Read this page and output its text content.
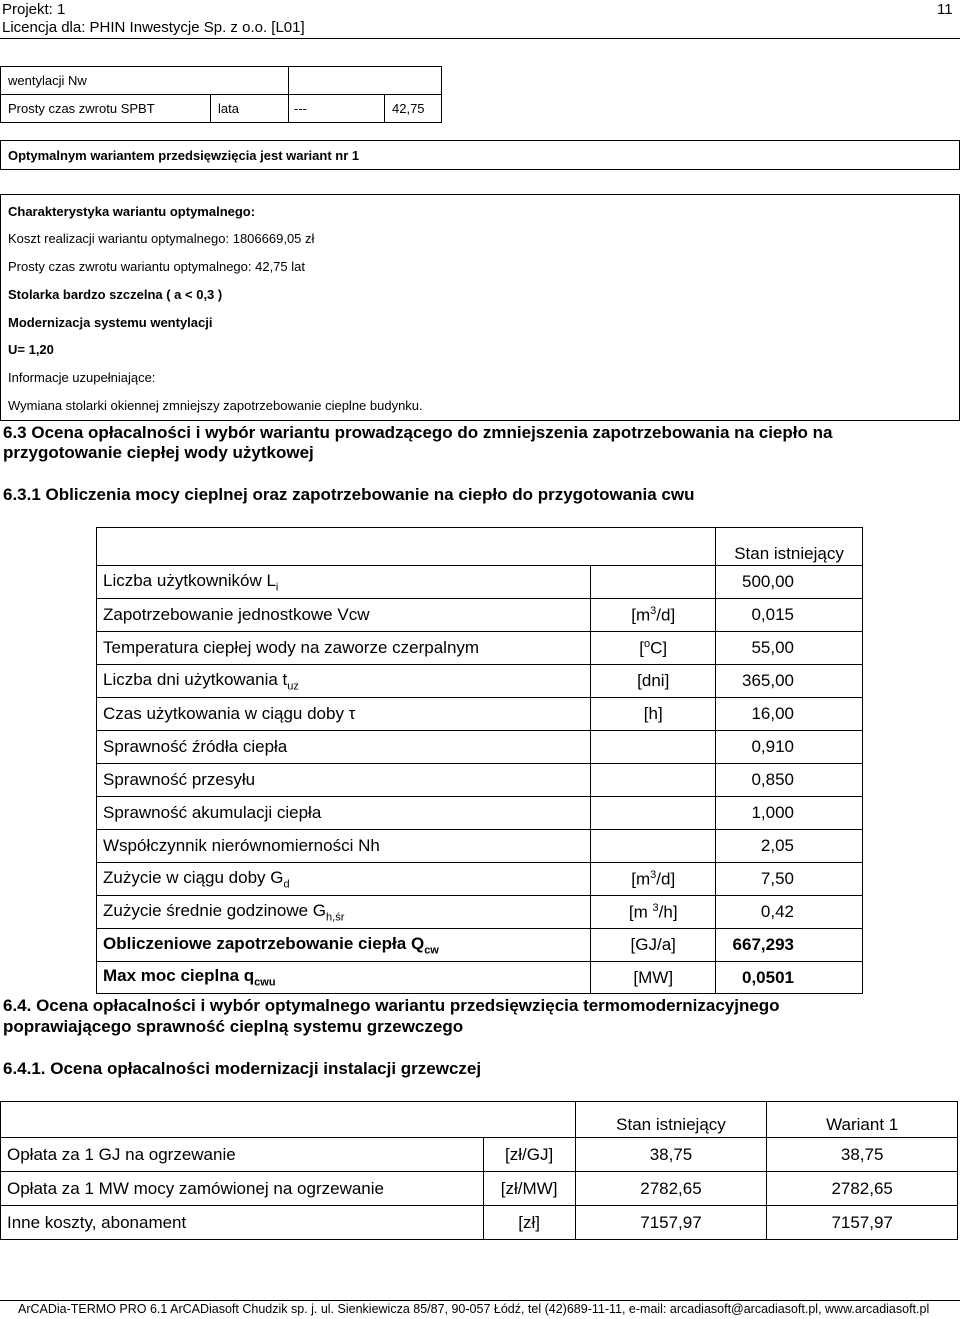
Projekt: 1
Licencja dla: PHIN Inwestycje Sp. z o.o. [L01]
11
wentylacji Nw
Prosty czas zwrotu SPBT	lata	---	42,75
Optymalnym wariantem przedsięwzięcia jest wariant nr 1
Charakterystyka wariantu optymalnego:
Koszt realizacji wariantu optymalnego: 1806669,05 zł
Prosty czas zwrotu wariantu optymalnego: 42,75 lat
Stolarka bardzo szczelna ( a < 0,3 )
Modernizacja systemu wentylacji
U= 1,20
Informacje uzupełniające:
Wymiana stolarki okiennej zmniejszy zapotrzebowanie cieplne budynku.
6.3 Ocena opłacalności i wybór wariantu prowadzącego do zmniejszenia zapotrzebowania na ciepło na
przygotowanie ciepłej wody użytkowej
6.3.1 Obliczenia mocy cieplnej oraz zapotrzebowanie na ciepło do przygotowania cwu
		Stan istniejący
Liczba użytkowników $L_i$		500,00
Zapotrzebowanie jednostkowe Vcw	$[m^3/d]$	0,015
Temperatura ciepłej wody na zaworze czerpalnym	[$^o$C]	55,00
Liczba dni użytkowania $t_{uz}$	[dni]	365,00
Czas użytkowania w ciągu doby τ	[h]	16,00
Sprawność źródła ciepła		0,910
Sprawność przesyłu		0,850
Sprawność akumulacji ciepła		1,000
Współczynnik nierównomierności Nh		2,05
Zużycie w ciągu doby $G_d$	$[m^3/d]$	7,50
Zużycie średnie godzinowe $G_{h,śr}$	[m $^3$/h]	0,42
Obliczeniowe zapotrzebowanie ciepła $Q_{cw}$	[GJ/a]	667,293
Max moc cieplna $q_{cwu}$	[MW]	0,0501
6.4. Ocena opłacalności i wybór optymalnego wariantu przedsięwzięcia termomodernizacyjnego
poprawiającego sprawność cieplną systemu grzewczego
6.4.1. Ocena opłacalności modernizacji instalacji grzewczej
		Stan istniejący	Wariant 1
Opłata za 1 GJ na ogrzewanie	[zł/GJ]	38,75	38,75
Opłata za 1 MW mocy zamówionej na ogrzewanie	[zł/MW]	2782,65	2782,65
Inne koszty, abonament	[zł]	7157,97	7157,97
ArCADia-TERMO PRO 6.1 ArCADiasoft Chudzik sp. j. ul. Sienkiewicza 85/87, 90-057 Łódź, tel (42)689-11-11, e-mail: arcadiasoft@arcadiasoft.pl, www.arcadiasoft.pl
